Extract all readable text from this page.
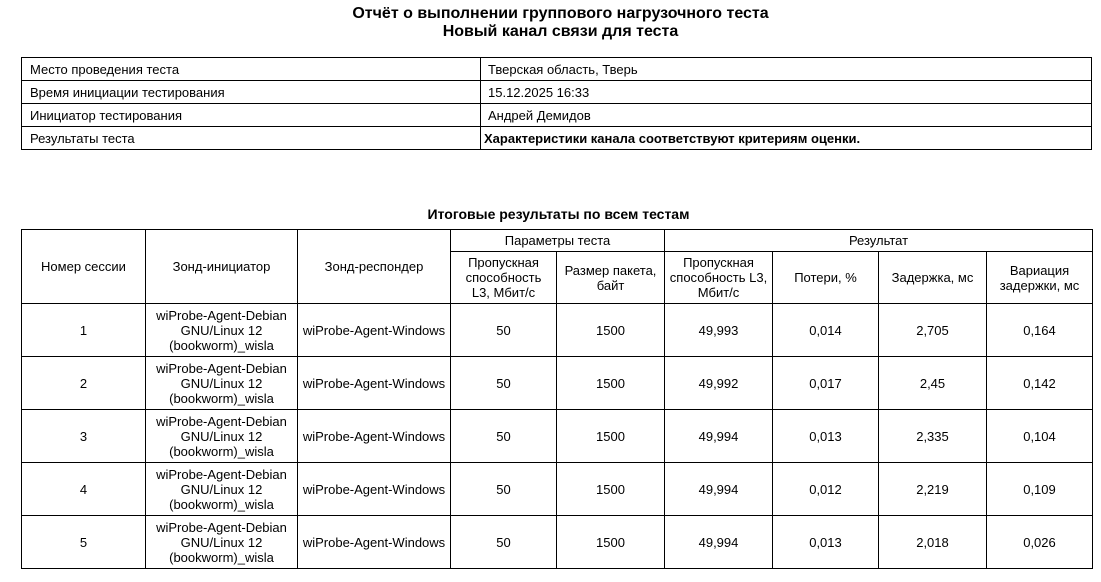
Отчёт о выполнении группового нагрузочного теста
Новый канал связи для теста
Место проведения теста	Тверская область, Тверь
Время инициации тестирования	15.12.2025 16:33
Инициатор тестирования	Андрей Демидов
Результаты теста	Характеристики канала соответствуют критериям оценки.
Итоговые результаты по всем тестам
Номер сессии	Зонд-инициатор	Зонд-респондер	Параметры теста		Результат			
			Пропускная способность L3, Мбит/с	Размер пакета, байт	Пропускная способность L3, Мбит/с	Потери, %	Задержка, мс	Вариация задержки, мс
1	wiProbe-Agent-Debian GNU/Linux 12 (bookworm)_wisla	wiProbe-Agent-Windows	50	1500	49,993	0,014	2,705	0,164
2	wiProbe-Agent-Debian GNU/Linux 12 (bookworm)_wisla	wiProbe-Agent-Windows	50	1500	49,992	0,017	2,45	0,142
3	wiProbe-Agent-Debian GNU/Linux 12 (bookworm)_wisla	wiProbe-Agent-Windows	50	1500	49,994	0,013	2,335	0,104
4	wiProbe-Agent-Debian GNU/Linux 12 (bookworm)_wisla	wiProbe-Agent-Windows	50	1500	49,994	0,012	2,219	0,109
5	wiProbe-Agent-Debian GNU/Linux 12 (bookworm)_wisla	wiProbe-Agent-Windows	50	1500	49,994	0,013	2,018	0,026
